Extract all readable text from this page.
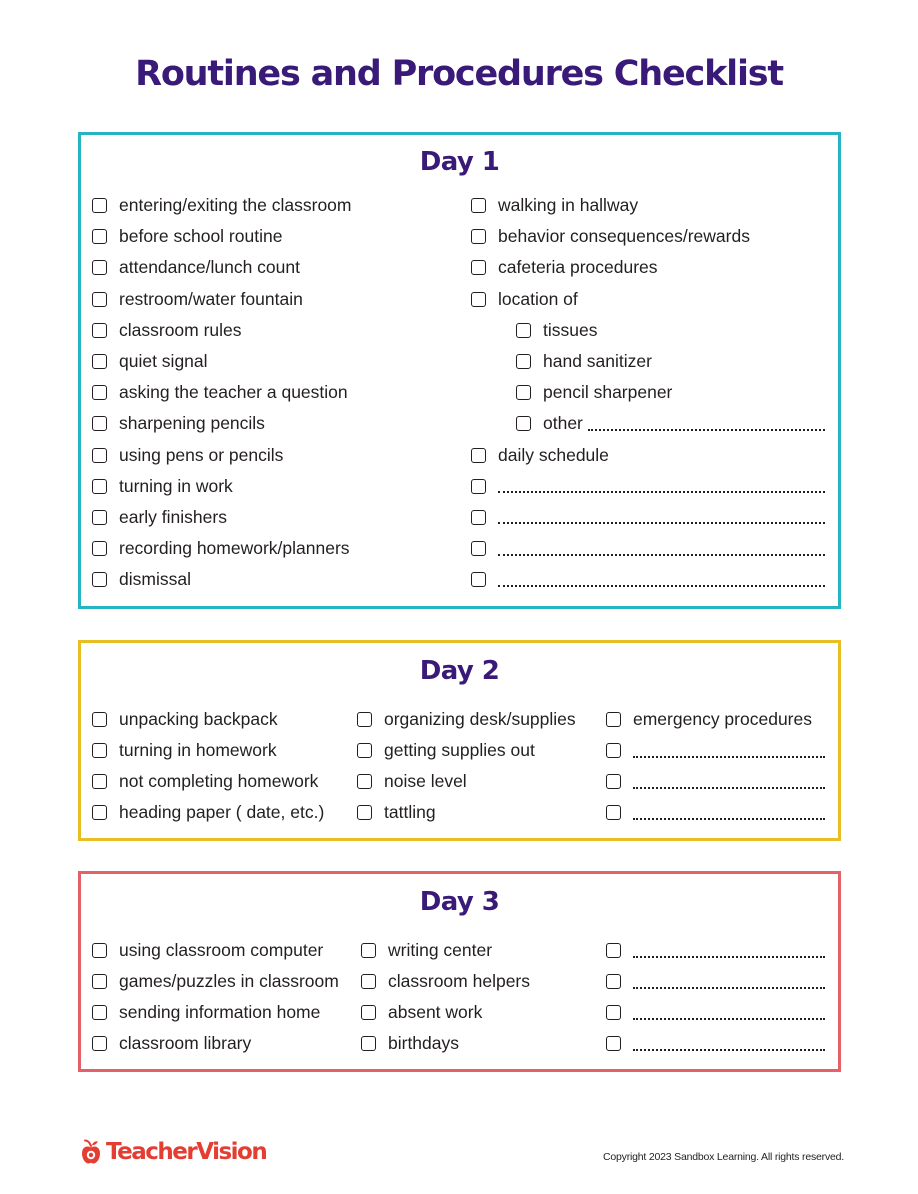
Routines and Procedures Checklist
Day 1
entering/exiting the classroom
before school routine
attendance/lunch count
restroom/water fountain
classroom rules
quiet signal
asking the teacher a question
sharpening pencils
using pens or pencils
turning in work
early finishers
recording homework/planners
dismissal
walking in hallway
behavior consequences/rewards
cafeteria procedures
location of
tissues
hand sanitizer
pencil sharpener
other
daily schedule
Day 2
unpacking backpack
turning in homework
not completing homework
heading paper ( date, etc.)
organizing desk/supplies
getting supplies out
noise level
tattling
emergency procedures
Day 3
using classroom computer
games/puzzles in classroom
sending information home
classroom library
writing center
classroom helpers
absent work
birthdays
TeacherVision	Copyright 2023 Sandbox Learning. All rights reserved.
